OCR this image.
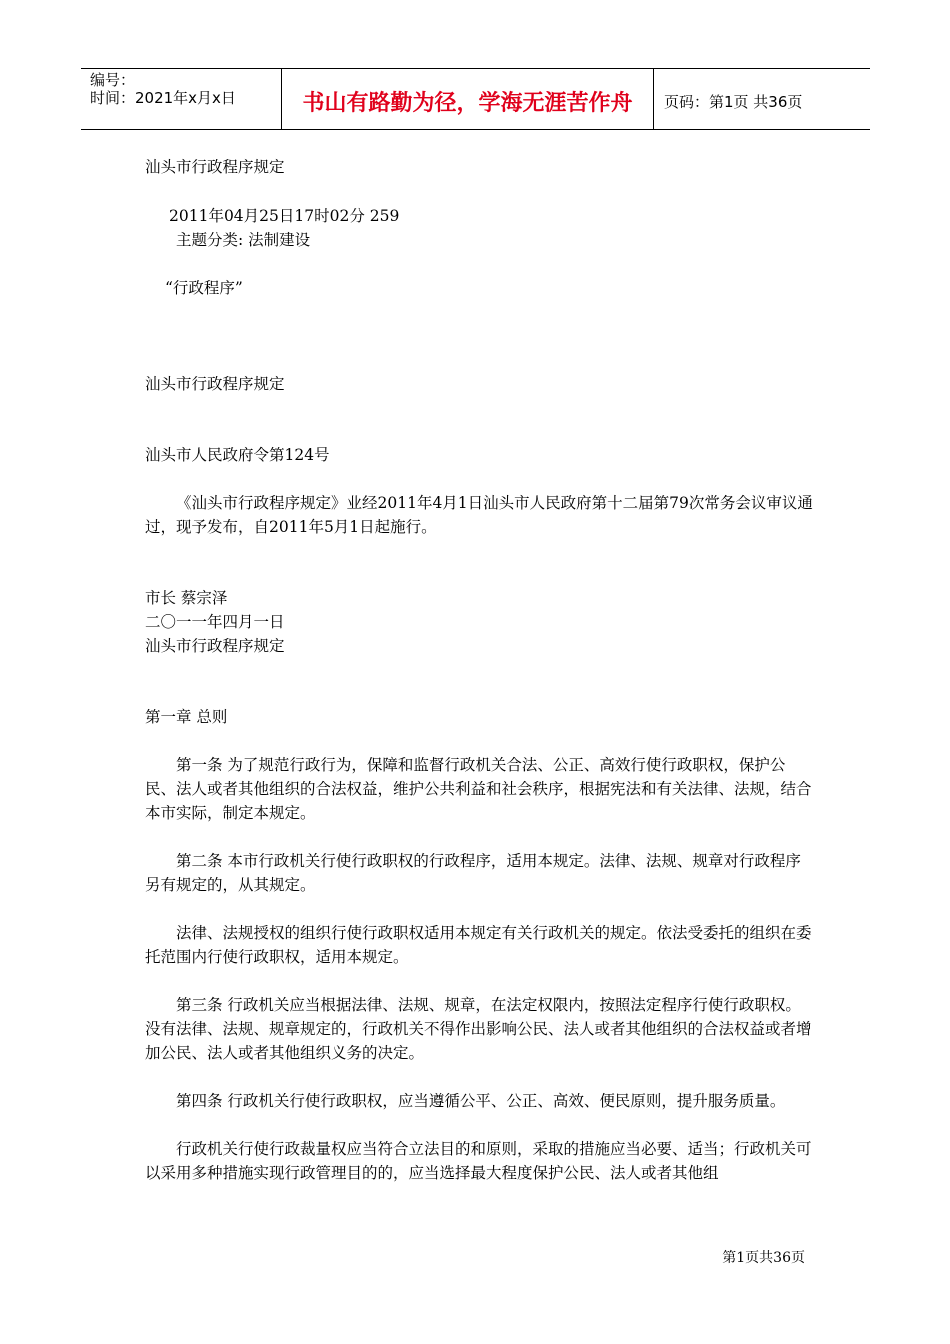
编号：
时间：2021年x月x日	书山有路勤为径，学海无涯苦作舟	页码：第1页 共36页

汕头市行政程序规定

2011年04月25日17时02分 259

主题分类: 法制建设

“行政程序”

汕头市行政程序规定

汕头市人民政府令第124号

《汕头市行政程序规定》业经2011年4月1日汕头市人民政府第十二届第79次常务会议审议通过，现予发布，自2011年5月1日起施行。

市长 蔡宗泽

二〇一一年四月一日

汕头市行政程序规定

第一章 总则

第一条 为了规范行政行为，保障和监督行政机关合法、公正、高效行使行政职权，保护公民、法人或者其他组织的合法权益，维护公共利益和社会秩序，根据宪法和有关法律、法规，结合本市实际，制定本规定。

第二条 本市行政机关行使行政职权的行政程序，适用本规定。法律、法规、规章对行政程序另有规定的，从其规定。

法律、法规授权的组织行使行政职权适用本规定有关行政机关的规定。依法受委托的组织在委托范围内行使行政职权，适用本规定。

第三条 行政机关应当根据法律、法规、规章，在法定权限内，按照法定程序行使行政职权。没有法律、法规、规章规定的，行政机关不得作出影响公民、法人或者其他组织的合法权益或者增加公民、法人或者其他组织义务的决定。

第四条 行政机关行使行政职权，应当遵循公平、公正、高效、便民原则，提升服务质量。

行政机关行使行政裁量权应当符合立法目的和原则，采取的措施应当必要、适当；行政机关可以采用多种措施实现行政管理目的的，应当选择最大程度保护公民、法人或者其他组

第1页共36页
